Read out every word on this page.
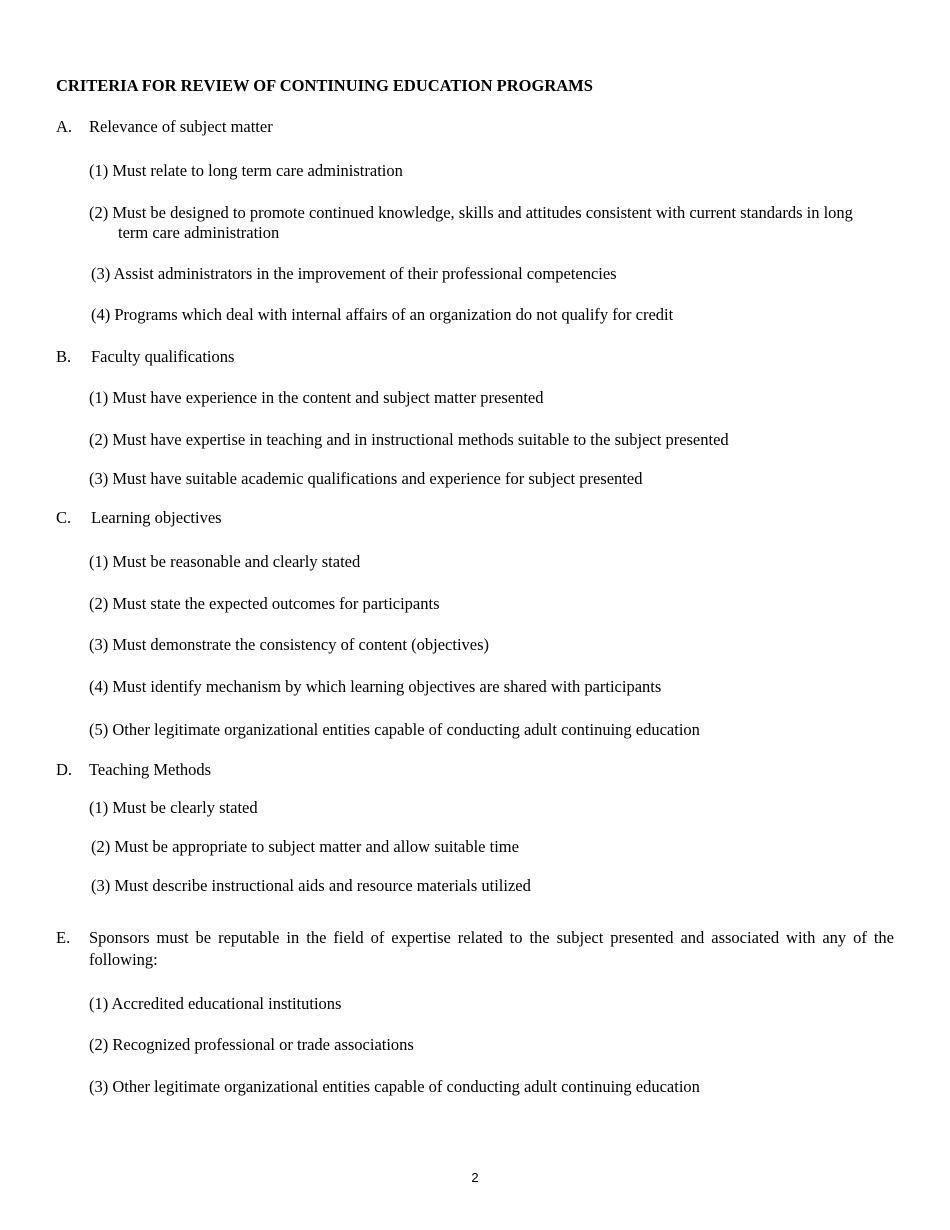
CRITERIA FOR REVIEW OF CONTINUING EDUCATION PROGRAMS
A. Relevance of subject matter
(1) Must relate to long term care administration
(2) Must be designed to promote continued knowledge, skills and attitudes consistent with current standards in long
term care administration
(3) Assist administrators in the improvement of their professional competencies
(4) Programs which deal with internal affairs of an organization do not qualify for credit
B. Faculty qualifications
(1) Must have experience in the content and subject matter presented
(2) Must have expertise in teaching and in instructional methods suitable to the subject presented
(3) Must have suitable academic qualifications and experience for subject presented
C. Learning objectives
(1) Must be reasonable and clearly stated
(2) Must state the expected outcomes for participants
(3) Must demonstrate the consistency of content (objectives)
(4) Must identify mechanism by which learning objectives are shared with participants
(5) Other legitimate organizational entities capable of conducting adult continuing education
D. Teaching Methods
(1) Must be clearly stated
(2) Must be appropriate to subject matter and allow suitable time
(3) Must describe instructional aids and resource materials utilized
E. Sponsors must be reputable in the field of expertise related to the subject presented and associated with any of the
following:
(1) Accredited educational institutions
(2) Recognized professional or trade associations
(3) Other legitimate organizational entities capable of conducting adult continuing education
2
